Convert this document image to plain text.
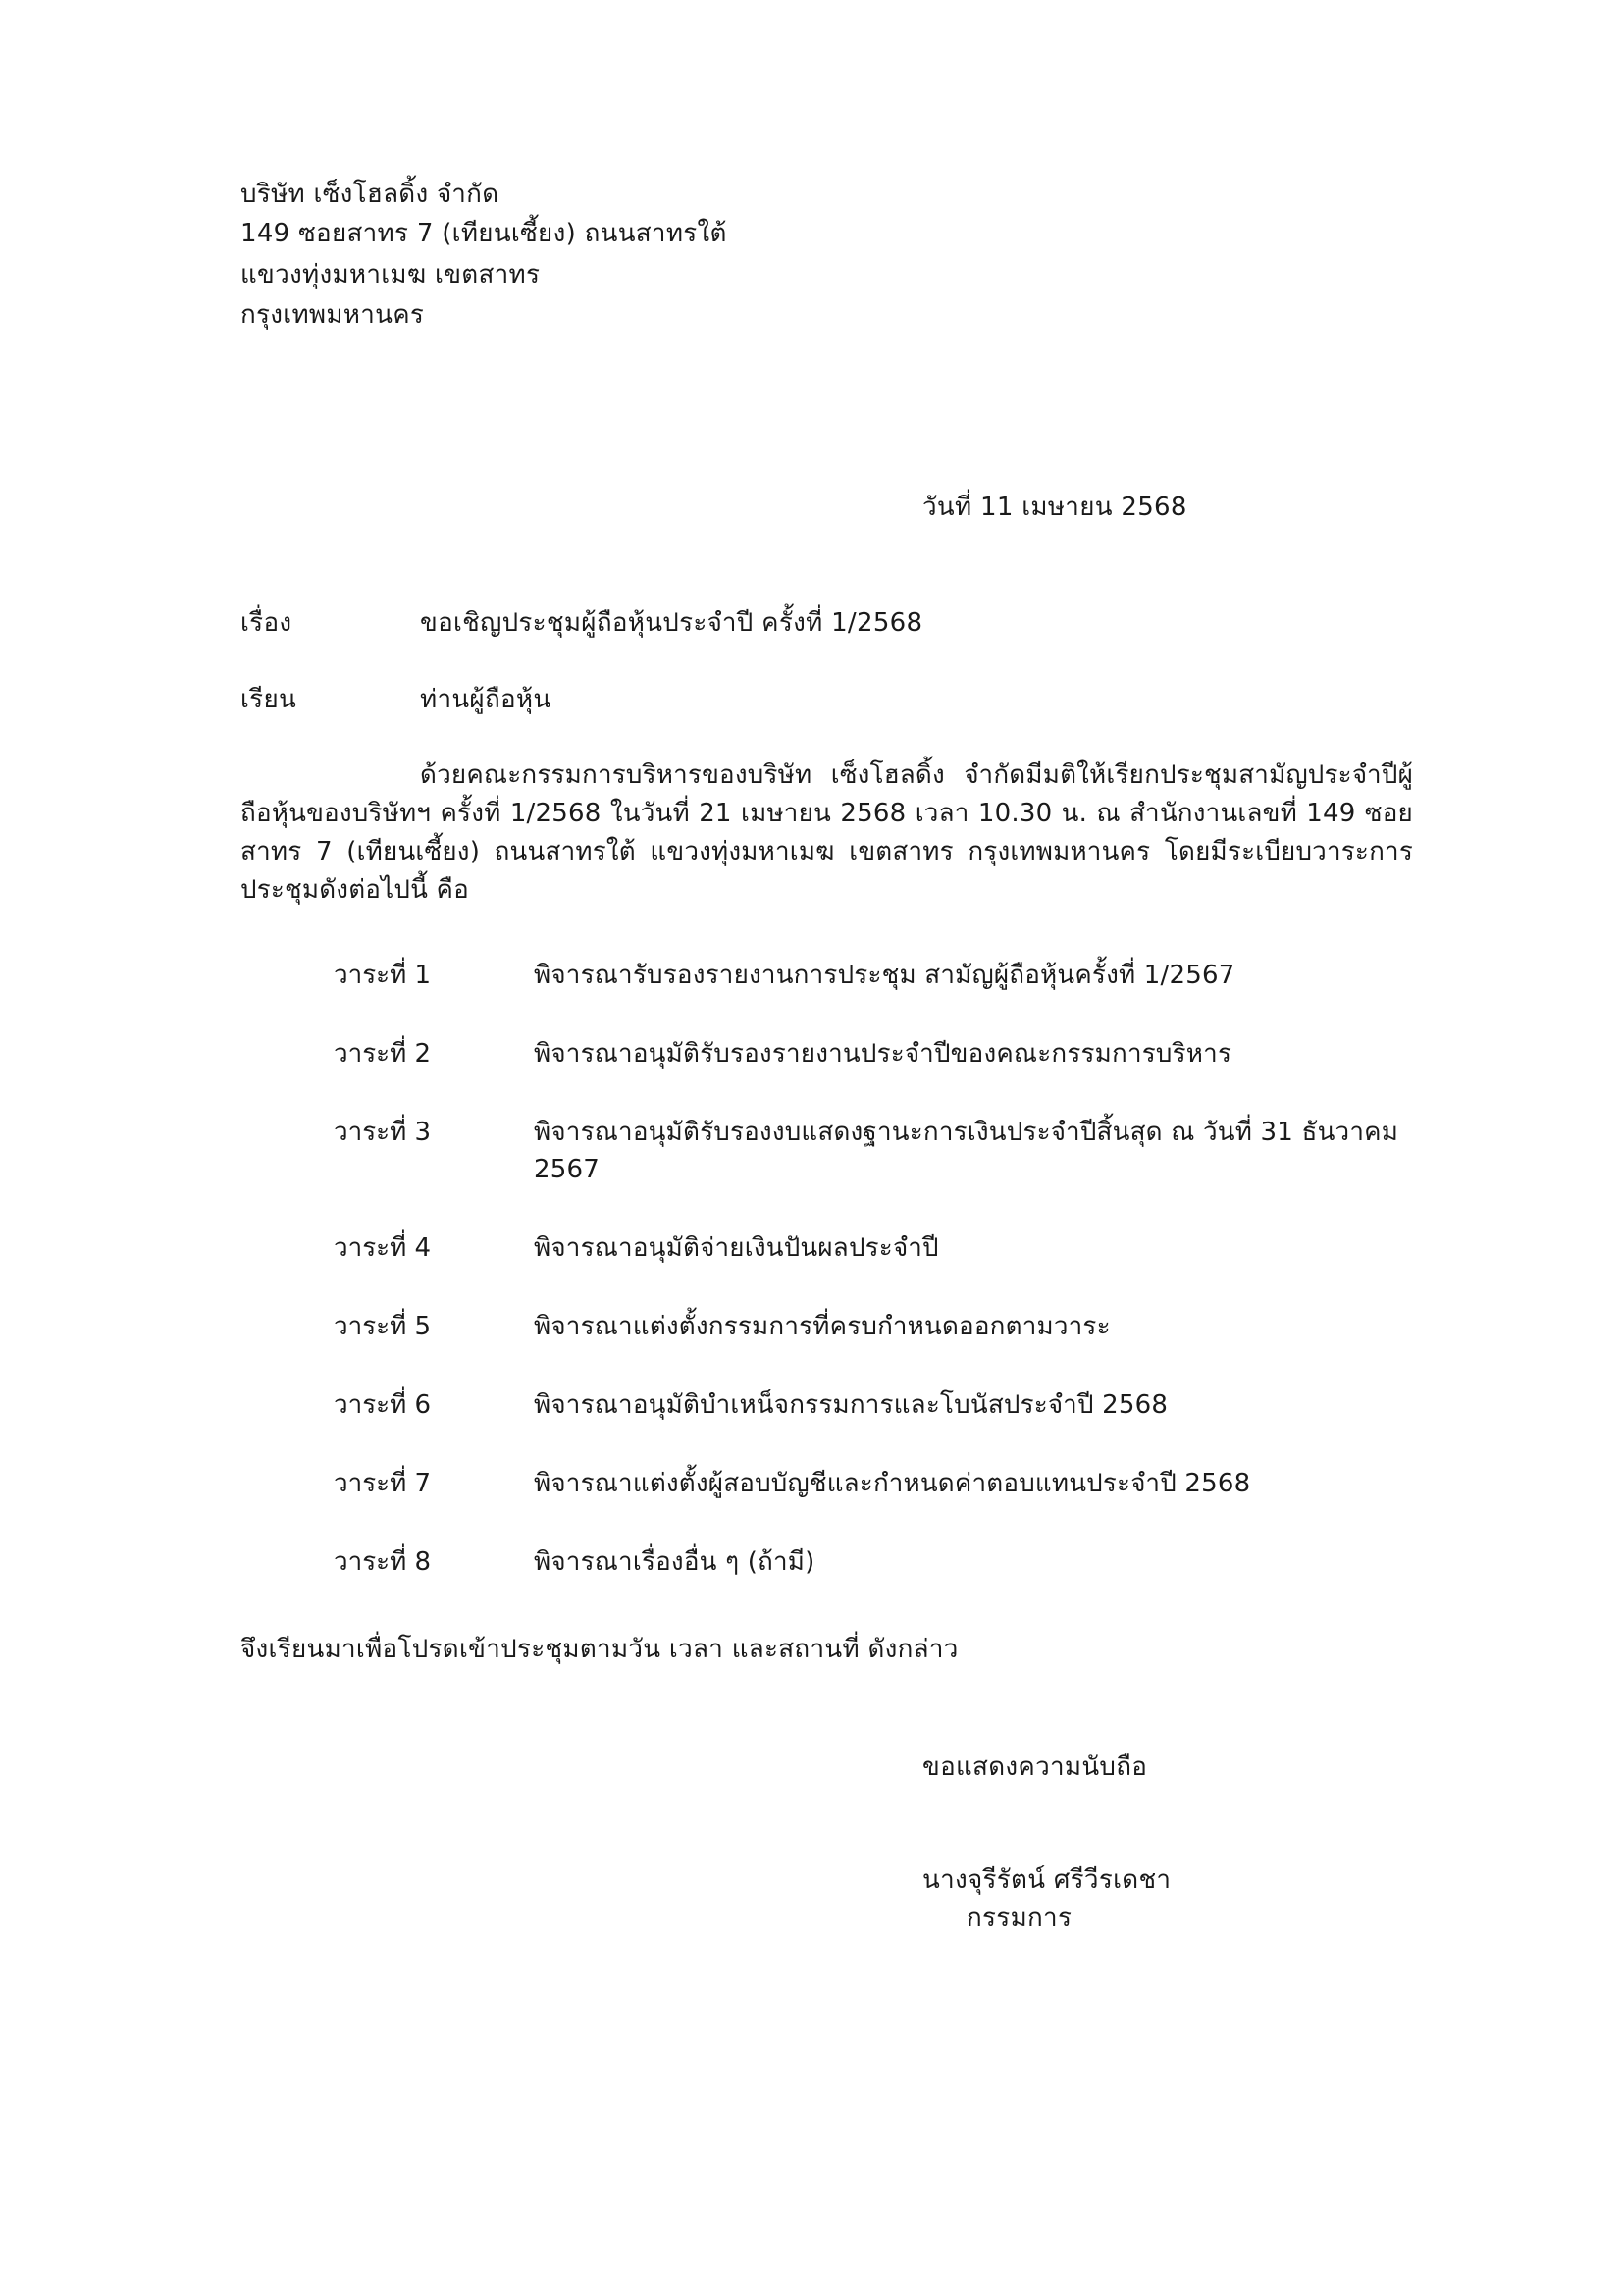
บริษัท เซ็งโฮลดิ้ง จำกัด
149 ซอยสาทร 7 (เทียนเซี้ยง) ถนนสาทรใต้
แขวงทุ่งมหาเมฆ เขตสาทร
กรุงเทพมหานคร
วันที่ 11 เมษายน 2568
เรื่อง	ขอเชิญประชุมผู้ถือหุ้นประจำปี ครั้งที่ 1/2568
เรียน	ท่านผู้ถือหุ้น
ด้วยคณะกรรมการบริหารของบริษัท เซ็งโฮลดิ้ง จำกัดมีมติให้เรียกประชุมสามัญประจำปีผู้ถือหุ้นของบริษัทฯ ครั้งที่ 1/2568 ในวันที่ 21 เมษายน 2568 เวลา 10.30 น. ณ สำนักงานเลขที่ 149 ซอยสาทร 7 (เทียนเซี้ยง) ถนนสาทรใต้ แขวงทุ่งมหาเมฆ เขตสาทร กรุงเทพมหานคร โดยมีระเบียบวาระการประชุมดังต่อไปนี้ คือ
วาระที่ 1	พิจารณารับรองรายงานการประชุม สามัญผู้ถือหุ้นครั้งที่ 1/2567
วาระที่ 2	พิจารณาอนุมัติรับรองรายงานประจำปีของคณะกรรมการบริหาร
วาระที่ 3	พิจารณาอนุมัติรับรองงบแสดงฐานะการเงินประจำปีสิ้นสุด ณ วันที่ 31 ธันวาคม 2567
วาระที่ 4	พิจารณาอนุมัติจ่ายเงินปันผลประจำปี
วาระที่ 5	พิจารณาแต่งตั้งกรรมการที่ครบกำหนดออกตามวาระ
วาระที่ 6	พิจารณาอนุมัติบำเหน็จกรรมการและโบนัสประจำปี 2568
วาระที่ 7	พิจารณาแต่งตั้งผู้สอบบัญชีและกำหนดค่าตอบแทนประจำปี 2568
วาระที่ 8	พิจารณาเรื่องอื่น ๆ (ถ้ามี)
จึงเรียนมาเพื่อโปรดเข้าประชุมตามวัน เวลา และสถานที่ ดังกล่าว
ขอแสดงความนับถือ
นางจุรีรัตน์ ศรีวีรเดชา
กรรมการ
